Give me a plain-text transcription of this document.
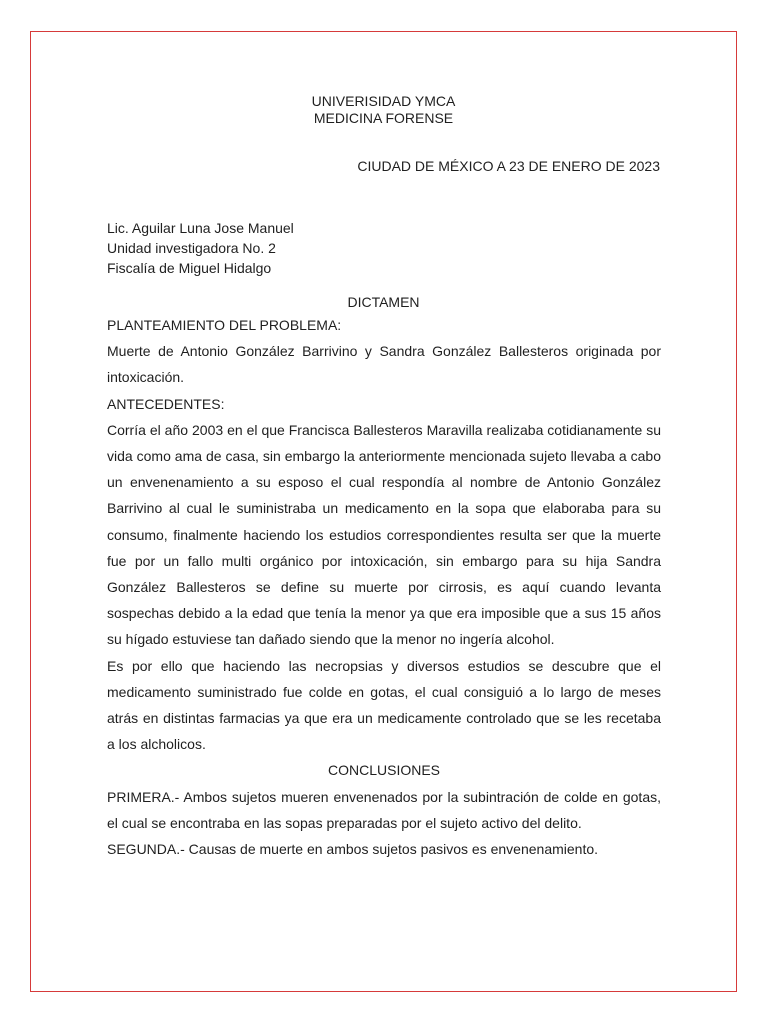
UNIVERISIDAD YMCA
MEDICINA FORENSE
CIUDAD DE MÉXICO A 23 DE ENERO DE 2023
Lic. Aguilar Luna Jose Manuel
Unidad investigadora No. 2
Fiscalía de Miguel Hidalgo
DICTAMEN

PLANTEAMIENTO DEL PROBLEMA:

Muerte de Antonio González Barrivino y Sandra González Ballesteros originada por intoxicación.

ANTECEDENTES:

Corría el año 2003 en el que Francisca Ballesteros Maravilla realizaba cotidianamente su vida como ama de casa, sin embargo la anteriormente mencionada sujeto llevaba a cabo un envenenamiento a su esposo el cual respondía al nombre de Antonio González Barrivino al cual le suministraba un medicamento en la sopa que elaboraba para su consumo, finalmente haciendo los estudios correspondientes resulta ser que la muerte fue por un fallo multi orgánico por intoxicación, sin embargo para su hija Sandra González Ballesteros se define su muerte por cirrosis, es aquí cuando levanta sospechas debido a la edad que tenía la menor ya que era imposible que a sus 15 años su hígado estuviese tan dañado siendo que la menor no ingería alcohol.

Es por ello que haciendo las necropsias y diversos estudios se descubre que el medicamento suministrado fue colde en gotas, el cual consiguió a lo largo de meses atrás en distintas farmacias ya que era un medicamente controlado que se les recetaba a los alcholicos.

CONCLUSIONES

PRIMERA.- Ambos sujetos mueren envenenados por la subintración de colde en gotas, el cual se encontraba en las sopas preparadas por el sujeto activo del delito.

SEGUNDA.- Causas de muerte en ambos sujetos pasivos es envenenamiento.
